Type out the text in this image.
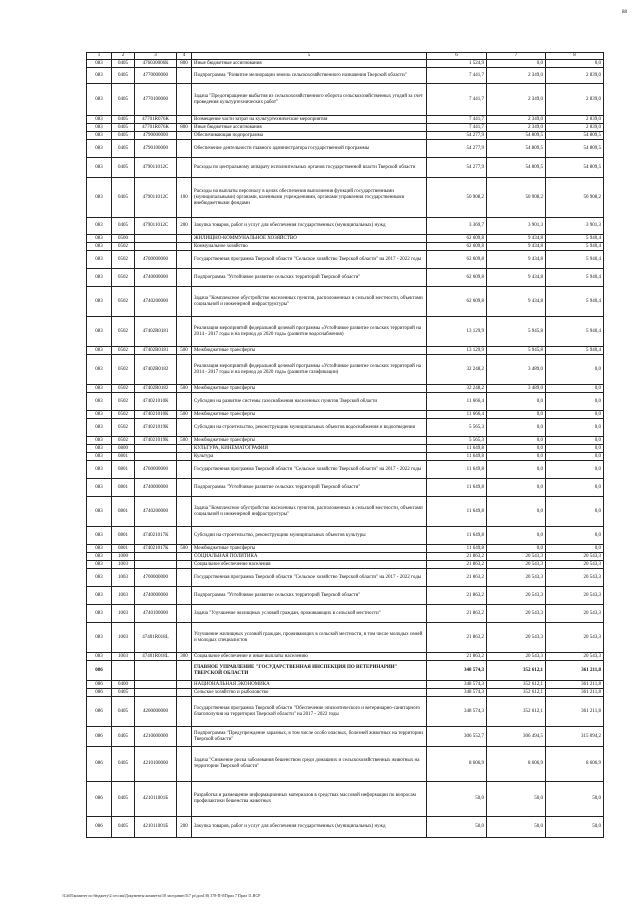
88
1	2	3	4	5	6	7	8
083	0405	476030006К	800	Иные бюджетные ассигнования	1 524,9	0,0	0,0
083	0405	4770000000		Подпрограмма "Развитие мелиорации земель сельскохозяйственного назначения Тверской области"	7 441,7	2 349,0	2 839,0
083	0405	4770100000		Задача "Предотвращение выбытия из сельскохозяйственного оборота сельскохозяйственных угодий за счет проведения культуртехнических работ"	7 441,7	2 349,0	2 839,0
083	0405	47701R076К		Возмещение части затрат на культуртехнические мероприятия	7 441,7	2 349,0	2 839,0
083	0405	47701R076К	800	Иные бюджетные ассигнования	7 441,7	2 349,0	2 839,0
083	0405	4790000000		Обеспечивающая подпрограмма	54 277,9	54 809,5	54 809,5
083	0405	4790100000		Обеспечение деятельности главного администратора государственной программы	54 277,9	54 809,5	54 809,5
083	0405	479011012С		Расходы по центральному аппарату исполнительных органов государственной власти Тверской области	54 277,9	54 809,5	54 809,5
083	0405	479011012С	100	Расходы на выплаты персоналу в целях обеспечения выполнения функций государственными (муниципальными) органами, казенными учреждениями, органами управления государственными внебюджетными фондами	50 908,2	50 908,2	50 908,2
083	0405	479011012С	200	Закупка товаров, работ и услуг для обеспечения государственных (муниципальных) нужд	3 369,7	3 901,3	3 901,3
083	0500			ЖИЛИЩНО-КОММУНАЛЬНОЕ ХОЗЯЙСТВО	62 609,8	9 434,8	5 940,4
083	0502			Коммунальное хозяйство	62 609,8	9 434,8	5 940,4
083	0502	4700000000		Государственная программа Тверской области "Сельское хозяйство Тверской области" на 2017 - 2022 годы	62 609,8	9 434,8	5 940,4
083	0502	4740000000		Подпрограмма "Устойчивое развитие сельских территорий Тверской области"	62 609,8	9 434,8	5 940,4
083	0502	4740200000		Задача "Комплексное обустройство населенных пунктов, расположенных в сельской местности, объектами социальной и инженерной инфраструктуры"	62 609,8	9 434,8	5 940,4
083	0502	47402R0181		Реализация мероприятий федеральной целевой программы «Устойчивое развитие сельских территорий на 2014 - 2017 годы и на период до 2020 года» (развитие водоснабжения)	13 129,9	5 945,8	5 940,4
083	0502	47402R0181	500	Межбюджетные трансферты	13 129,9	5 945,8	5 940,4
083	0502	47402R0182		Реализация мероприятий федеральной целевой программы «Устойчивое развитие сельских территорий на 2014 - 2017 годы и на период до 2020 года» (развитие газификации)	32 248,2	3 489,0	0,0
083	0502	47402R0182	500	Межбюджетные трансферты	32 248,2	3 489,0	0,0
083	0502	474021010К		Субсидии на развитие системы газоснабжения населенных пунктов Тверской области	11 666,4	0,0	0,0
083	0502	474021010К	500	Межбюджетные трансферты	11 666,4	0,0	0,0
083	0502	474021019К		Субсидии на строительство, реконструкцию муниципальных объектов водоснабжения и водоотведения	5 565,3	0,0	0,0
083	0502	474021019К	500	Межбюджетные трансферты	5 565,3	0,0	0,0
083	0800			КУЛЬТУРА, КИНЕМАТОГРАФИЯ	11 649,8	0,0	0,0
083	0801			Культура	11 649,8	0,0	0,0
083	0801	4700000000		Государственная программа Тверской области "Сельское хозяйство Тверской области" на 2017 - 2022 годы	11 649,8	0,0	0,0
083	0801	4740000000		Подпрограмма "Устойчивое развитие сельских территорий Тверской области"	11 649,8	0,0	0,0
083	0801	4740200000		Задача "Комплексное обустройство населенных пунктов, расположенных в сельской местности, объектами социальной и инженерной инфраструктуры"	11 649,8	0,0	0,0
083	0801	474021017К		Субсидии на строительство, реконструкцию муниципальных объектов культуры	11 649,8	0,0	0,0
083	0801	474021017К	500	Межбюджетные трансферты	11 649,8	0,0	0,0
083	1000			СОЦИАЛЬНАЯ ПОЛИТИКА	21 863,2	20 543,3	20 543,3
083	1003			Социальное обеспечение населения	21 863,2	20 543,3	20 543,3
083	1003	4700000000		Государственная программа Тверской области "Сельское хозяйство Тверской области" на 2017 - 2022 годы	21 863,2	20 543,3	20 543,3
083	1003	4740000000		Подпрограмма "Устойчивое развитие сельских территорий Тверской области"	21 863,2	20 543,3	20 543,3
083	1003	4740100000		Задача "Улучшение жилищных условий граждан, проживающих в сельской местности"	21 863,2	20 543,3	20 543,3
083	1003	47401R018L		Улучшение жилищных условий граждан, проживающих в сельской местности, в том числе молодых семей и молодых специалистов	21 863,2	20 543,3	20 543,3
083	1003	47401R018L	300	Социальное обеспечение и иные выплаты населению	21 863,2	20 543,3	20 543,3
086				ГЛАВНОЕ УПРАВЛЕНИЕ "ГОСУДАРСТВЕННАЯ ИНСПЕКЦИЯ ПО ВЕТЕРИНАРИИ" ТВЕРСКОЙ ОБЛАСТИ	348 574,3	352 612,1	361 211,8
086	0400			НАЦИОНАЛЬНАЯ ЭКОНОМИКА	348 574,3	352 612,1	361 211,8
086	0405			Сельское хозяйство и рыболовство	348 574,3	352 612,1	361 211,8
086	0405	4200000000		Государственная программа Тверской области "Обеспечение эпизоотического и ветеринарно-санитарного благополучия на территории Тверской области" на 2017 - 2022 годы	348 574,3	352 612,1	361 211,8
086	0405	4210000000		Подпрограмма "Предупреждение заразных, в том числе особо опасных, болезней животных на территории Тверской области"	306 552,7	306 494,5	315 094,2
086	0405	4210100000		Задача "Снижение риска заболевания бешенством среди домашних и сельскохозяйственных животных на территории Тверской области"	8 606,9	8 606,9	8 606,9
086	0405	421011001Б		Разработка и размещение информационных материалов в средствах массовой информации по вопросам профилактики бешенства животных	50,0	50,0	50,0
086	0405	421011001Б	200	Закупка товаров, работ и услуг для обеспечения государственных (муниципальных) нужд	50,0	50,0	50,0
\\Lb03\комитет по бюджету\2 сессия\Документы комитета\18 заседание\317 рз\доп1\8) 378-П-0\Прил 7 Прил 11.RCP
